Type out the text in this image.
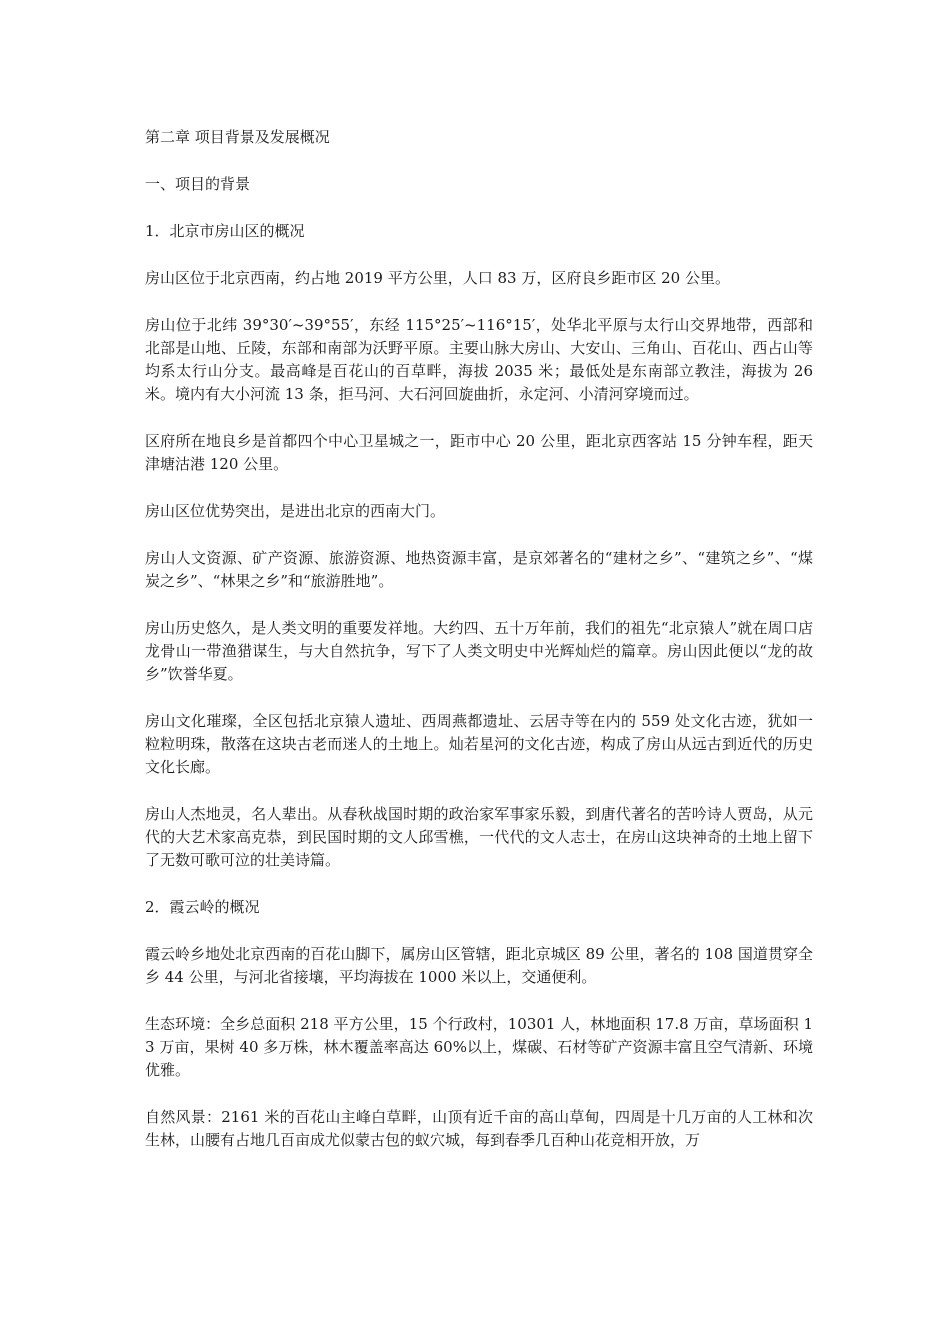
第二章 项目背景及发展概况
一、项目的背景
1．北京市房山区的概况

房山区位于北京西南，约占地 2019 平方公里，人口 83 万，区府良乡距市区 20 公里。

房山位于北纬 39°30′~39°55′，东经 115°25′~116°15′，处华北平原与太行山交界地带，西部和北部是山地、丘陵，东部和南部为沃野平原。主要山脉大房山、大安山、三角山、百花山、西占山等均系太行山分支。最高峰是百花山的百草畔，海拔 2035 米；最低处是东南部立教洼，海拔为 26 米。境内有大小河流 13 条，拒马河、大石河回旋曲折，永定河、小清河穿境而过。

区府所在地良乡是首都四个中心卫星城之一，距市中心 20 公里，距北京西客站 15 分钟车程，距天津塘沽港 120 公里。

房山区位优势突出，是进出北京的西南大门。

房山人文资源、矿产资源、旅游资源、地热资源丰富，是京郊著名的“建材之乡”、“建筑之乡”、“煤炭之乡”、“林果之乡”和“旅游胜地”。

房山历史悠久，是人类文明的重要发祥地。大约四、五十万年前，我们的祖先“北京猿人”就在周口店龙骨山一带渔猎谋生，与大自然抗争，写下了人类文明史中光辉灿烂的篇章。房山因此便以“龙的故乡”饮誉华夏。

房山文化璀璨，全区包括北京猿人遗址、西周燕都遗址、云居寺等在内的 559 处文化古迹，犹如一粒粒明珠，散落在这块古老而迷人的土地上。灿若星河的文化古迹，构成了房山从远古到近代的历史文化长廊。

房山人杰地灵，名人辈出。从春秋战国时期的政治家军事家乐毅，到唐代著名的苦吟诗人贾岛，从元代的大艺术家高克恭，到民国时期的文人邱雪樵，一代代的文人志士，在房山这块神奇的土地上留下了无数可歌可泣的壮美诗篇。

2．霞云岭的概况

霞云岭乡地处北京西南的百花山脚下，属房山区管辖，距北京城区 89 公里，著名的 108 国道贯穿全乡 44 公里，与河北省接壤，平均海拔在 1000 米以上，交通便利。

生态环境：全乡总面积 218 平方公里，15 个行政村，10301 人，林地面积 17.8 万亩，草场面积 13 万亩，果树 40 多万株，林木覆盖率高达 60%以上，煤碳、石材等矿产资源丰富且空气清新、环境优雅。

自然风景：2161 米的百花山主峰白草畔，山顶有近千亩的高山草甸，四周是十几万亩的人工林和次生林，山腰有占地几百亩成尤似蒙古包的蚁穴城，每到春季几百种山花竞相开放，万
